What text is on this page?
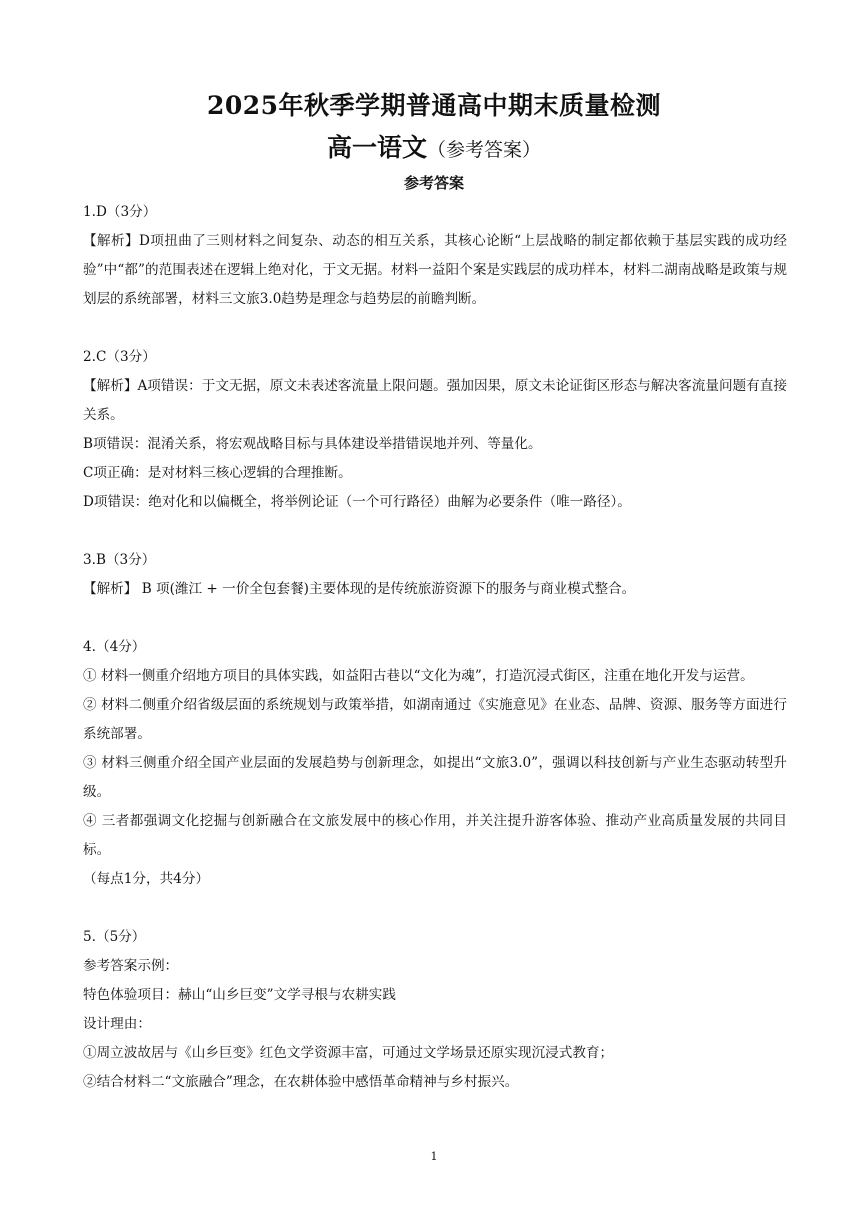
2025年秋季学期普通高中期末质量检测
高一语文（参考答案）
参考答案

1.D（3分）

【解析】D项扭曲了三则材料之间复杂、动态的相互关系，其核心论断“上层战略的制定都依赖于基层实践的成功经验”中“都”的范围表述在逻辑上绝对化，于文无据。材料一益阳个案是实践层的成功样本，材料二湖南战略是政策与规划层的系统部署，材料三文旅3.0趋势是理念与趋势层的前瞻判断。

2.C（3分）

【解析】A项错误：于文无据，原文未表述客流量上限问题。强加因果，原文未论证街区形态与解决客流量问题有直接关系。

B项错误：混淆关系，将宏观战略目标与具体建设举措错误地并列、等量化。

C项正确：是对材料三核心逻辑的合理推断。

D项错误：绝对化和以偏概全，将举例论证（一个可行路径）曲解为必要条件（唯一路径）。

3.B（3分）

【解析】 B 项(潍江 + 一价全包套餐)主要体现的是传统旅游资源下的服务与商业模式整合。

4.（4分）

① 材料一侧重介绍地方项目的具体实践，如益阳古巷以“文化为魂”，打造沉浸式街区，注重在地化开发与运营。

② 材料二侧重介绍省级层面的系统规划与政策举措，如湖南通过《实施意见》在业态、品牌、资源、服务等方面进行系统部署。

③ 材料三侧重介绍全国产业层面的发展趋势与创新理念，如提出“文旅3.0”，强调以科技创新与产业生态驱动转型升级。

④ 三者都强调文化挖掘与创新融合在文旅发展中的核心作用，并关注提升游客体验、推动产业高质量发展的共同目标。

（每点1分，共4分）

5.（5分）

参考答案示例：

特色体验项目：赫山“山乡巨变”文学寻根与农耕实践

设计理由：

①周立波故居与《山乡巨变》红色文学资源丰富，可通过文学场景还原实现沉浸式教育；

②结合材料二“文旅融合”理念，在农耕体验中感悟革命精神与乡村振兴。

1
